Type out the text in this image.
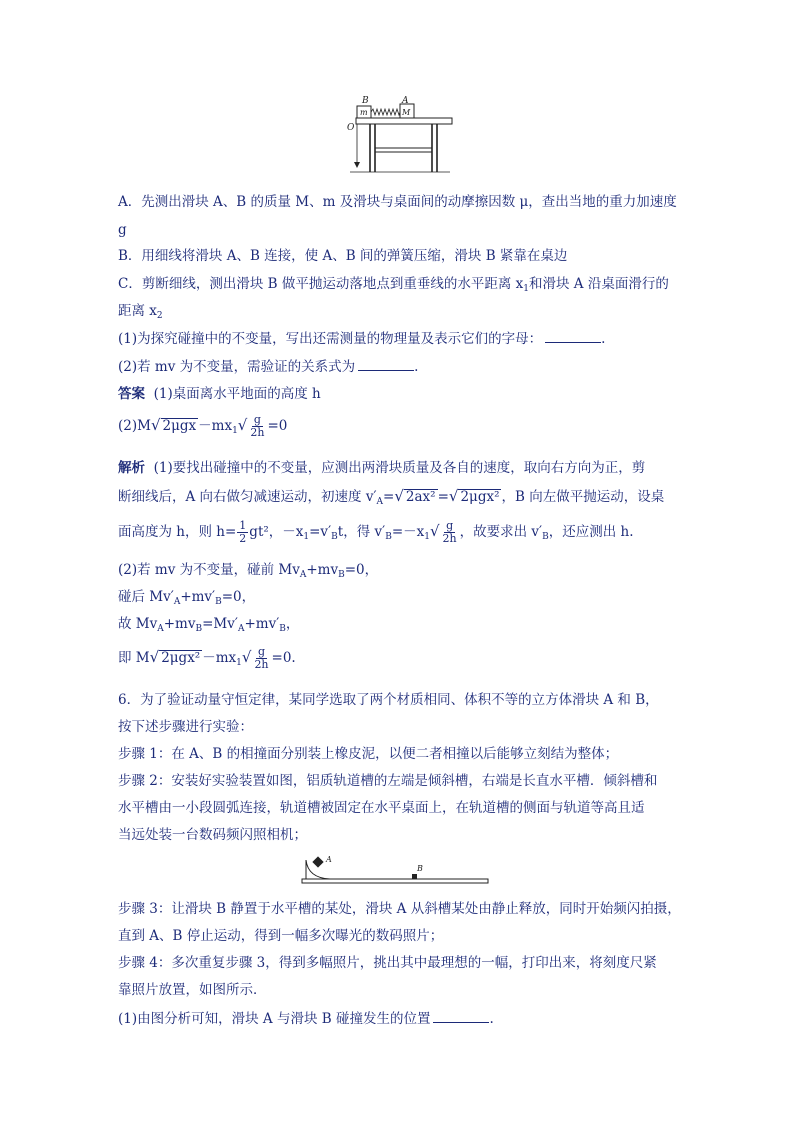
B	A
m	M
O
A．先测出滑块 A、B 的质量 M、m 及滑块与桌面间的动摩擦因数 μ，查出当地的重力加速度
g
B．用细线将滑块 A、B 连接，使 A、B 间的弹簧压缩，滑块 B 紧靠在桌边
C．剪断细线，测出滑块 B 做平抛运动落地点到重垂线的水平距离 $x_1$和滑块 A 沿桌面滑行的
距离 $x_2$
(1)为探究碰撞中的不变量，写出还需测量的物理量及表示它们的字母：	.
(2)若 mv 为不变量，需验证的关系式为	.
答案 (1)桌面离水平地面的高度 h
(2)M√ $2\mu gx -mx_1√ \frac{g}{2h} =0$
解析 (1)要找出碰撞中的不变量，应测出两滑块质量及各自的速度，取向右方向为正，剪
断细线后，A 向右做匀减速运动，初速度 $v'_A=√$ 2ax² =√ 2μgx² ，B 向左做平抛运动，设桌
面高度为 h，则 $h= \frac{1}{2} gt^2$，$-x_1=v'_Bt$，得 $v'_B=-x_1√ \frac{g}{2h}$ ，故要求出 $v'_B$，还应测出 h.
(2)若 mv 为不变量，碰前 $Mv_A+mv_B=0$，
碰后 $Mv'_A+mv'_B=0$，
故 $Mv_A+mv_B=Mv'_A+mv'_B$，
即 M√ $2\mu gx^2 -mx_1√ \frac{g}{2h} =0$.
6．为了验证动量守恒定律，某同学选取了两个材质相同、体积不等的立方体滑块 A 和 B，
按下述步骤进行实验：
步骤 1：在 A、B 的相撞面分别装上橡皮泥，以便二者相撞以后能够立刻结为整体；
步骤 2：安装好实验装置如图，铝质轨道槽的左端是倾斜槽，右端是长直水平槽．倾斜槽和
水平槽由一小段圆弧连接，轨道槽被固定在水平桌面上，在轨道槽的侧面与轨道等高且适
当远处装一台数码频闪照相机；
A
B
步骤 3：让滑块 B 静置于水平槽的某处，滑块 A 从斜槽某处由静止释放，同时开始频闪拍摄，
直到 A、B 停止运动，得到一幅多次曝光的数码照片；
步骤 4：多次重复步骤 3，得到多幅照片，挑出其中最理想的一幅，打印出来，将刻度尺紧
靠照片放置，如图所示．
(1)由图分析可知，滑块 A 与滑块 B 碰撞发生的位置	.
